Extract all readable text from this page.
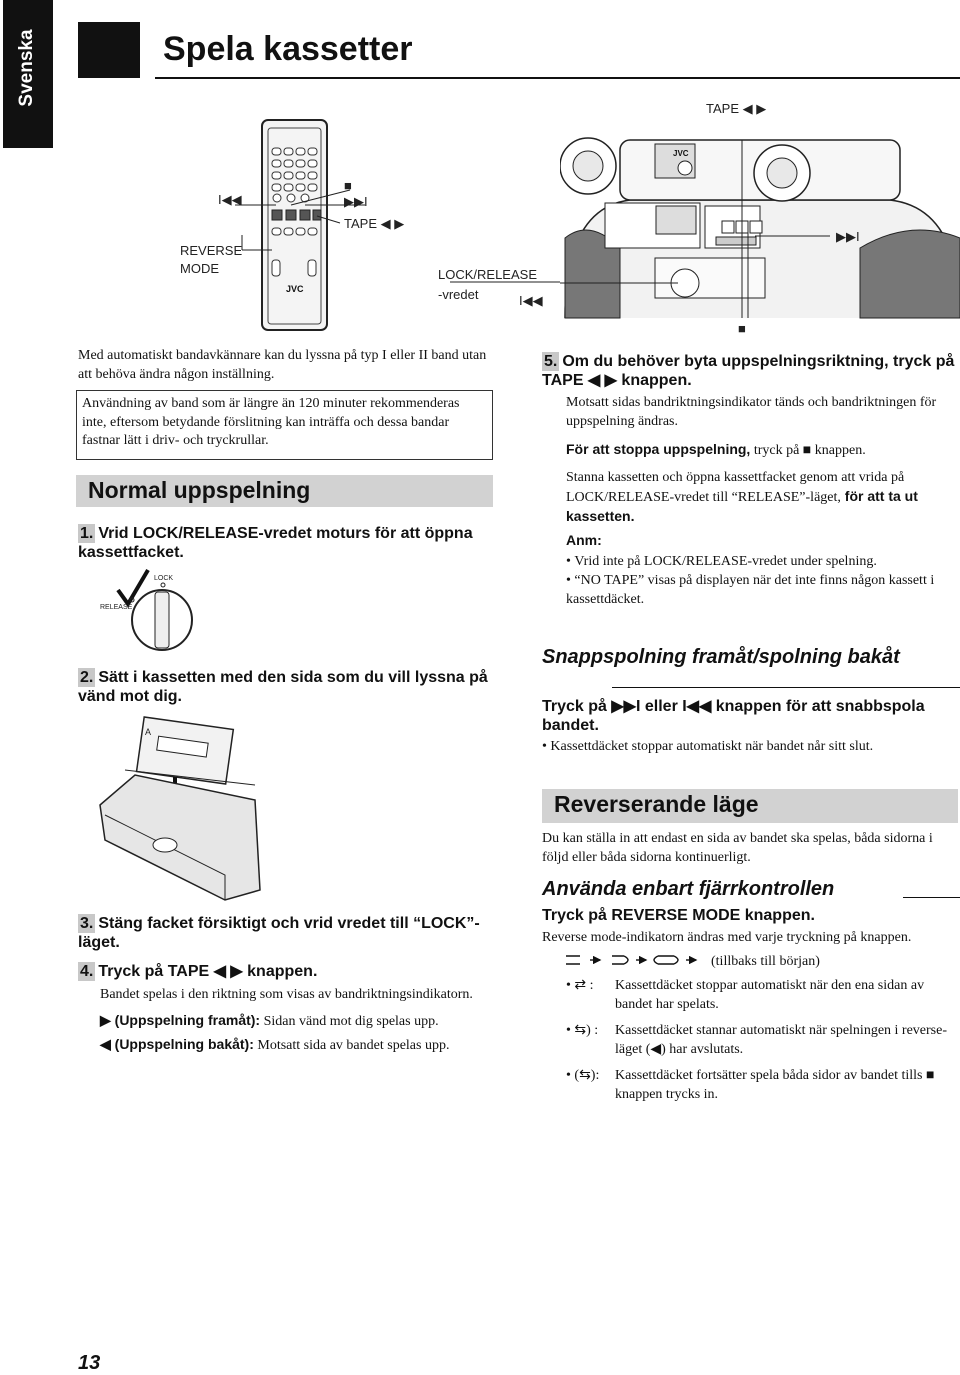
Svenska	Spela kassetter
JVC
I◀◀
■
▶▶I
REVERSE
MODE
TAPE ◀ ▶
JVC
TAPE ◀ ▶
▶▶I
LOCK/RELEASE
-vredet	I◀◀
■
Med automatiskt bandavkännare kan du lyssna på typ I eller II band utan att behöva ändra någon inställning.

Användning av band som är längre än 120 minuter rekommenderas inte, eftersom betydande förslitning kan inträffa och dessa bandar fastnar lätt i driv- och tryckrullar.

Normal uppspelning
1. Vrid LOCK/RELEASE-vredet moturs för att öppna kassettfacket.
LOCK
RELEASE
2. Sätt i kassetten med den sida som du vill lyssna på vänd mot dig.
A
3. Stäng facket försiktigt och vrid vredet till “LOCK”-läget.
4. Tryck på TAPE ◀ ▶ knappen.
Bandet spelas i den riktning som visas av bandriktningsindikatorn.
▶ (Uppspelning framåt): Sidan vänd mot dig spelas upp.
◀ (Uppspelning bakåt): Motsatt sida av bandet spelas upp.
5. Om du behöver byta uppspelningsriktning, tryck på TAPE ◀ ▶ knappen.
Motsatt sidas bandriktningsindikator tänds och bandriktningen för uppspelning ändras.
För att stoppa uppspelning, tryck på ■ knappen.
Stanna kassetten och öppna kassettfacket genom att vrida på LOCK/RELEASE-vredet till “RELEASE”-läget, för att ta ut kassetten.
Anm:
• Vrid inte på LOCK/RELEASE-vredet under spelning.
• “NO TAPE” visas på displayen när det inte finns någon kassett i kassettdäcket.
Snappspolning framåt/spolning bakåt
Tryck på ▶▶I eller I◀◀ knappen för att snabbspola bandet.
• Kassettdäcket stoppar automatiskt när bandet når sitt slut.
Reverserande läge
Du kan ställa in att endast en sida av bandet ska spelas, båda sidorna i följd eller båda sidorna kontinuerligt.
Använda enbart fjärrkontrollen
Tryck på REVERSE MODE knappen.
Reverse mode-indikatorn ändras med varje tryckning på knappen.
(tillbaks till början)
• ⇄ :	Kassettdäcket stoppar automatiskt när den ena sidan av bandet har spelats.
• ⇆) :	Kassettdäcket stannar automatiskt när spelningen i reverse-läget (◀) har avslutats.
• (⇆):	Kassettdäcket fortsätter spela båda sidor av bandet tills ■ knappen trycks in.
13
